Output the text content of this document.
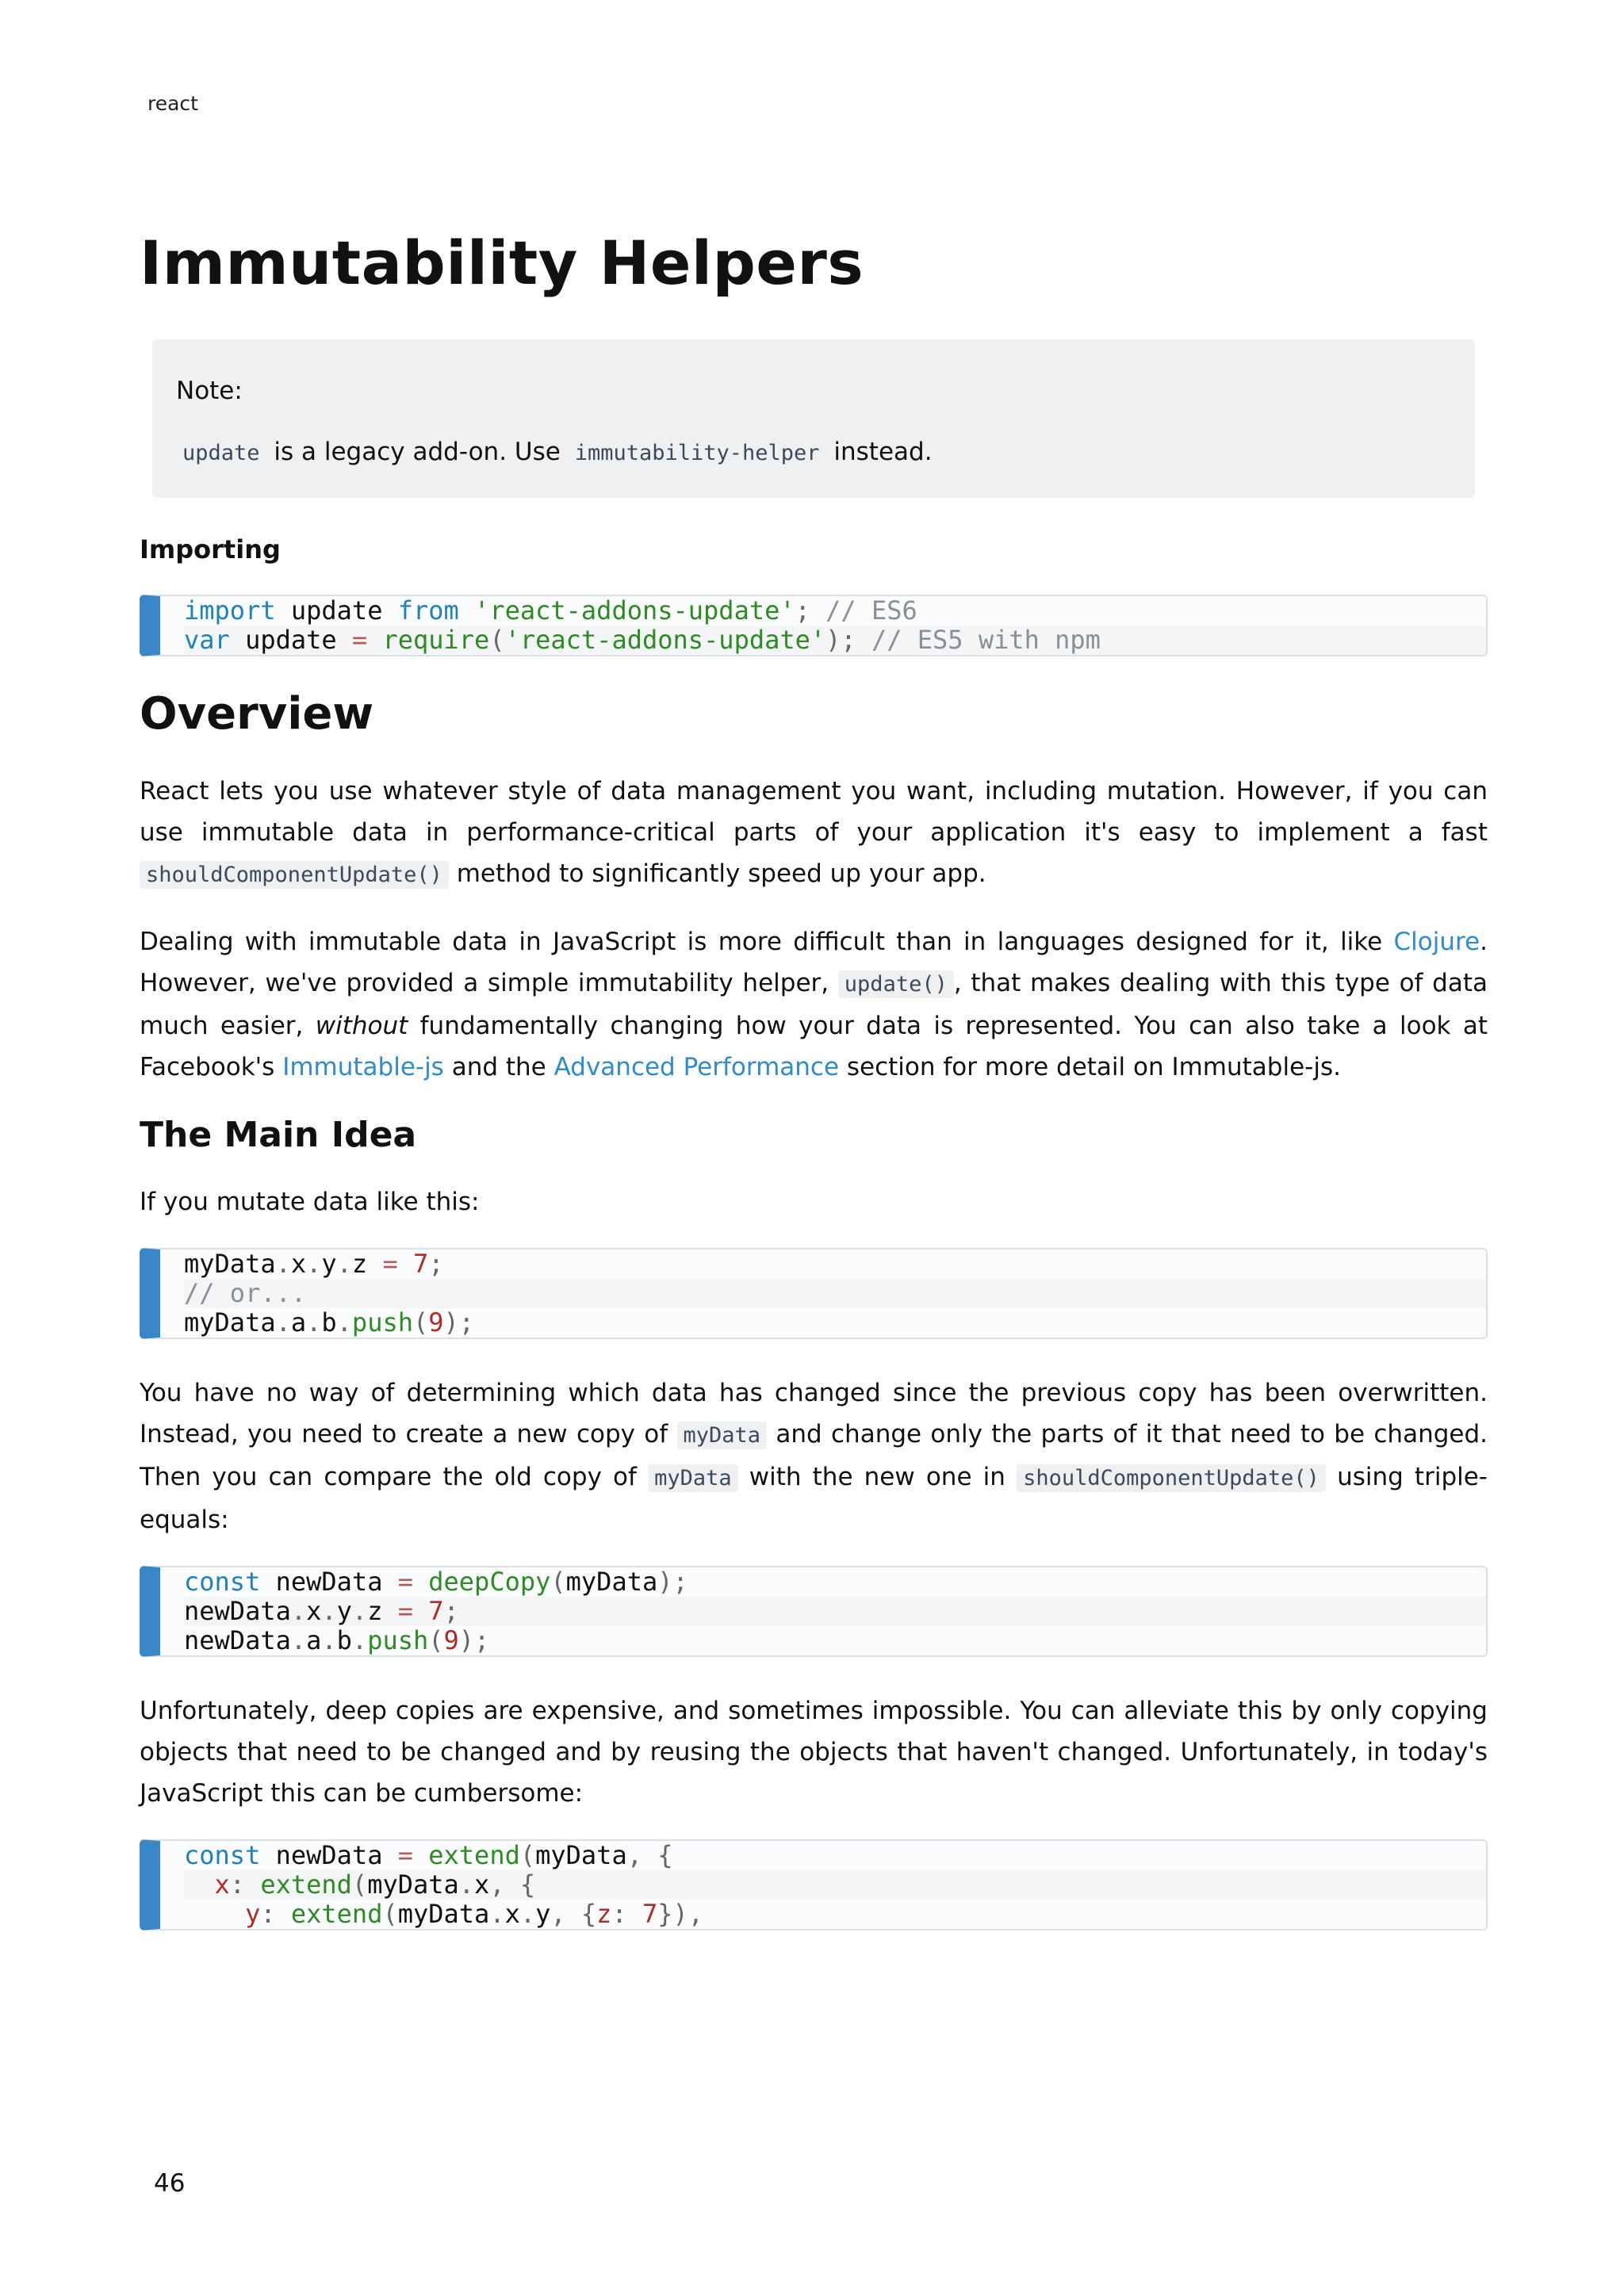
react
Immutability Helpers

Note:

update is a legacy add-on. Use immutability-helper instead.

Importing
import update from 'react-addons-update'; // ES6
var update = require('react-addons-update'); // ES5 with npm
Overview

React lets you use whatever style of data management you want, including mutation. However, if you can use immutable data in performance-critical parts of your application it's easy to implement a fast shouldComponentUpdate() method to significantly speed up your app.

Dealing with immutable data in JavaScript is more difficult than in languages designed for it, like Clojure. However, we've provided a simple immutability helper, update() , that makes dealing with this type of data much easier, without fundamentally changing how your data is represented. You can also take a look at Facebook's Immutable-js and the Advanced Performance section for more detail on Immutable-js.

The Main Idea

If you mutate data like this:

myData.x.y.z = 7;
// or...
myData.a.b.push(9);

You have no way of determining which data has changed since the previous copy has been overwritten. Instead, you need to create a new copy of myData and change only the parts of it that need to be changed. Then you can compare the old copy of myData with the new one in shouldComponentUpdate() using triple-equals:

const newData = deepCopy(myData);
newData.x.y.z = 7;
newData.a.b.push(9);

Unfortunately, deep copies are expensive, and sometimes impossible. You can alleviate this by only copying objects that need to be changed and by reusing the objects that haven't changed. Unfortunately, in today's JavaScript this can be cumbersome:

const newData = extend(myData, {
x: extend(myData.x, {
y: extend(myData.x.y, {z: 7}),
46
